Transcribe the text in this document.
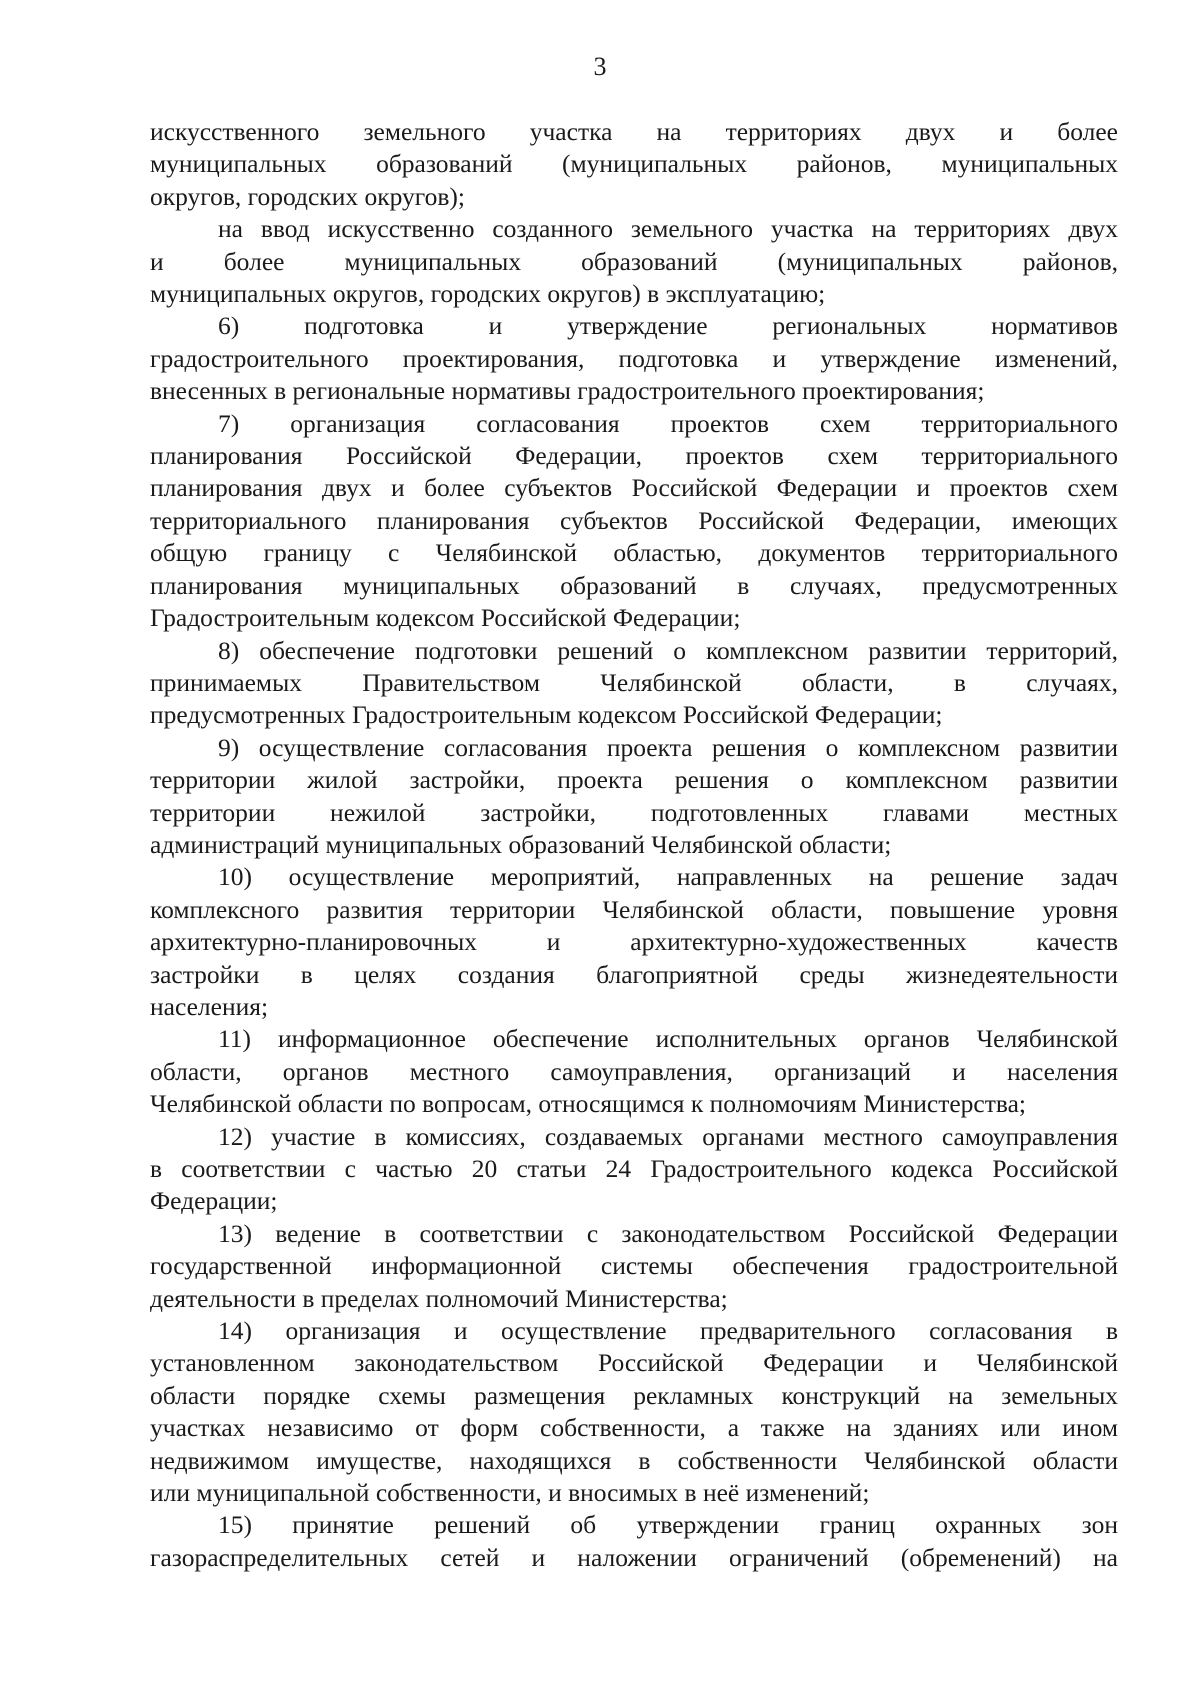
3
искусственного земельного участка на территориях двух и более
муниципальных образований (муниципальных районов, муниципальных
округов, городских округов);
на ввод искусственно созданного земельного участка на территориях двух
и более муниципальных образований (муниципальных районов,
муниципальных округов, городских округов) в эксплуатацию;
6) подготовка и утверждение региональных нормативов
градостроительного проектирования, подготовка и утверждение изменений,
внесенных в региональные нормативы градостроительного проектирования;
7) организация согласования проектов схем территориального
планирования Российской Федерации, проектов схем территориального
планирования двух и более субъектов Российской Федерации и проектов схем
территориального планирования субъектов Российской Федерации, имеющих
общую границу с Челябинской областью, документов территориального
планирования муниципальных образований в случаях, предусмотренных
Градостроительным кодексом Российской Федерации;
8) обеспечение подготовки решений о комплексном развитии территорий,
принимаемых Правительством Челябинской области, в случаях,
предусмотренных Градостроительным кодексом Российской Федерации;
9) осуществление согласования проекта решения о комплексном развитии
территории жилой застройки, проекта решения о комплексном развитии
территории нежилой застройки, подготовленных главами местных
администраций муниципальных образований Челябинской области;
10) осуществление мероприятий, направленных на решение задач
комплексного развития территории Челябинской области, повышение уровня
архитектурно-планировочных и архитектурно-художественных качеств
застройки в целях создания благоприятной среды жизнедеятельности
населения;
11) информационное обеспечение исполнительных органов Челябинской
области, органов местного самоуправления, организаций и населения
Челябинской области по вопросам, относящимся к полномочиям Министерства;
12) участие в комиссиях, создаваемых органами местного самоуправления
в соответствии с частью 20 статьи 24 Градостроительного кодекса Российской
Федерации;
13) ведение в соответствии с законодательством Российской Федерации
государственной информационной системы обеспечения градостроительной
деятельности в пределах полномочий Министерства;
14) организация и осуществление предварительного согласования в
установленном законодательством Российской Федерации и Челябинской
области порядке схемы размещения рекламных конструкций на земельных
участках независимо от форм собственности, а также на зданиях или ином
недвижимом имуществе, находящихся в собственности Челябинской области
или муниципальной собственности, и вносимых в неё изменений;
15) принятие решений об утверждении границ охранных зон
газораспределительных сетей и наложении ограничений (обременений) на
